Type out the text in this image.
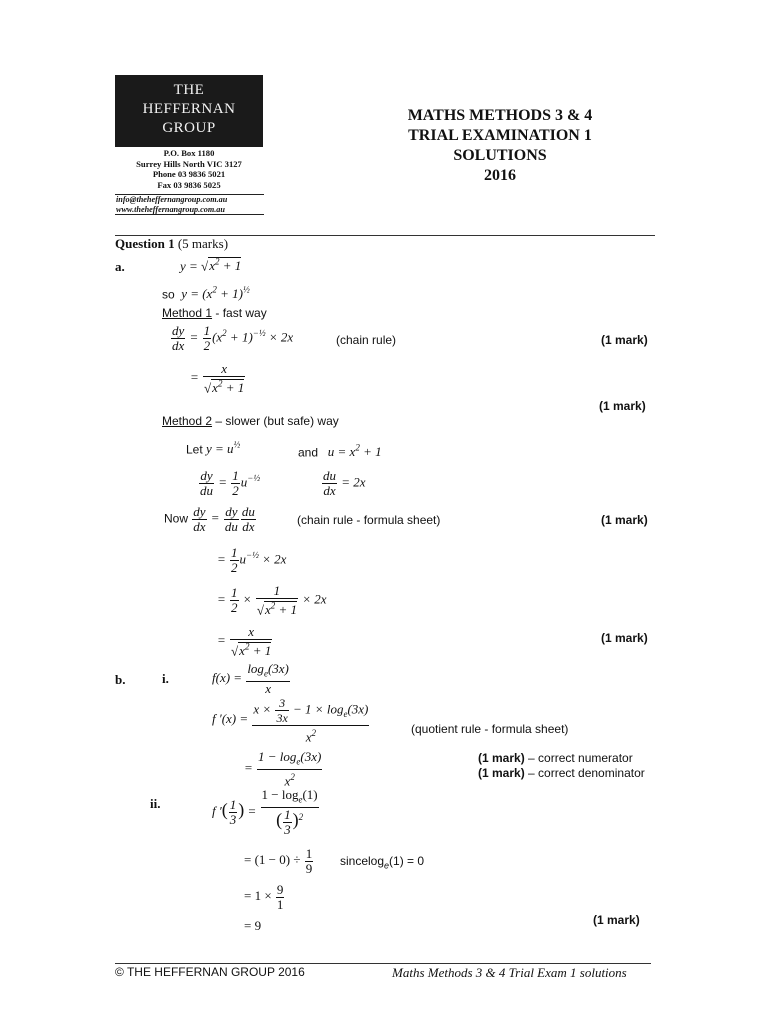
THE
HEFFERNAN
GROUP
P.O. Box 1180
Surrey Hills North VIC 3127
Phone 03 9836 5021
Fax 03 9836 5025
info@theheffernangroup.com.au
www.theheffernangroup.com.au
MATHS METHODS 3 & 4
TRIAL EXAMINATION 1
SOLUTIONS
2016
Question 1 (5 marks)
a.	$y = √x^2 + 1$
so  $y = (x^2 + 1)^{\frac{1}{2}}$
Method 1 - fast way
$\frac{dy}{dx} = \frac{1}{2} (x^2 + 1)^{-\frac{1}{2}} \times 2x$	(chain rule)	(1 mark)
= $\frac{x}{√x^2 + 1}$
(1 mark)
Method 2 – slower (but safe) way
Let $y = u^{\frac{1}{2}}$
and   $u = x^2 + 1$
$\frac{dy}{du} = \frac{1}{2} u^{-\frac{1}{2}}$	$\frac{du}{dx} = 2x$
Now $\frac{dy}{dx} = \frac{dy}{du} \frac{du}{dx}$	(chain rule - formula sheet)	(1 mark)
= $\frac{1}{2} u^{-\frac{1}{2}} \times 2x$
= $\frac{1}{2} \times \frac{1}{√x^2 + 1} \times 2x$
= $\frac{x}{√x^2 + 1}$	(1 mark)
b.	i.	$f(x) = \frac{\log_e(3x)}{x}$
f $'(x) = \frac{x \times \frac{3}{3x} - 1 \times \log_e(3x)}{x^2}$	(quotient rule - formula sheet)
= $\frac{1 - \log_e(3x)}{x^2}$	(1 mark) – correct numerator
(1 mark) – correct denominator
ii.	f ′( $\frac{1}{3}$ ) = $\frac{1 - \log_e(1)}{( \frac{1}{3} )^2}$
= $(1 - 0) \div \frac{1}{9}$ sincelog$_e$(1) = 0
= $1 \times \frac{9}{1}$
= 9	(1 mark)
© THE HEFFERNAN GROUP 2016	Maths Methods 3 & 4 Trial Exam 1 solutions
